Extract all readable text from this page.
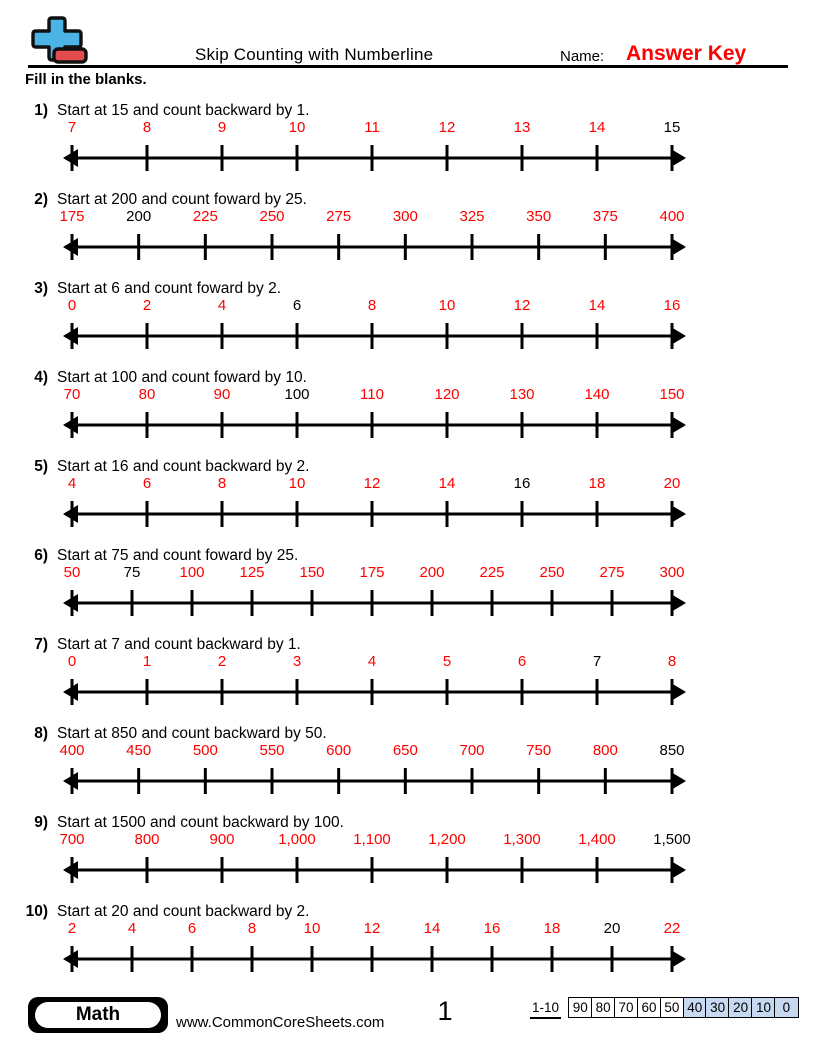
Skip Counting with Numberline	Name: Answer Key
Fill in the blanks.
1) Start at 15 and count backward by 1.
7	8	9	10	11	12	13	14	15
2) Start at 200 and count foward by 25.
175	200	225	250	275	300	325	350	375	400
3) Start at 6 and count foward by 2.
0	2	4	6	8	10	12	14	16
4) Start at 100 and count foward by 10.
70	80	90	100	110	120	130	140	150
5) Start at 16 and count backward by 2.
4	6	8	10	12	14	16	18	20
6) Start at 75 and count foward by 25.
50	75	100 125 150 175 200 225 250 275 300
7) Start at 7 and count backward by 1.
0	1	2	3	4	5	6	7	8
8) Start at 850 and count backward by 50.
400	450	500	550	600	650	700	750	800	850
9) Start at 1500 and count backward by 100.
700	800	900	1,000 1,100 1,200 1,300 1,400 1,500
10) Start at 20 and count backward by 2.
2	4	6	8	10	12	14	16	18	20	22
Math	www.CommonCoreSheets.com	1	1-10	90 80 70 60 50 40 30 20 10 0
